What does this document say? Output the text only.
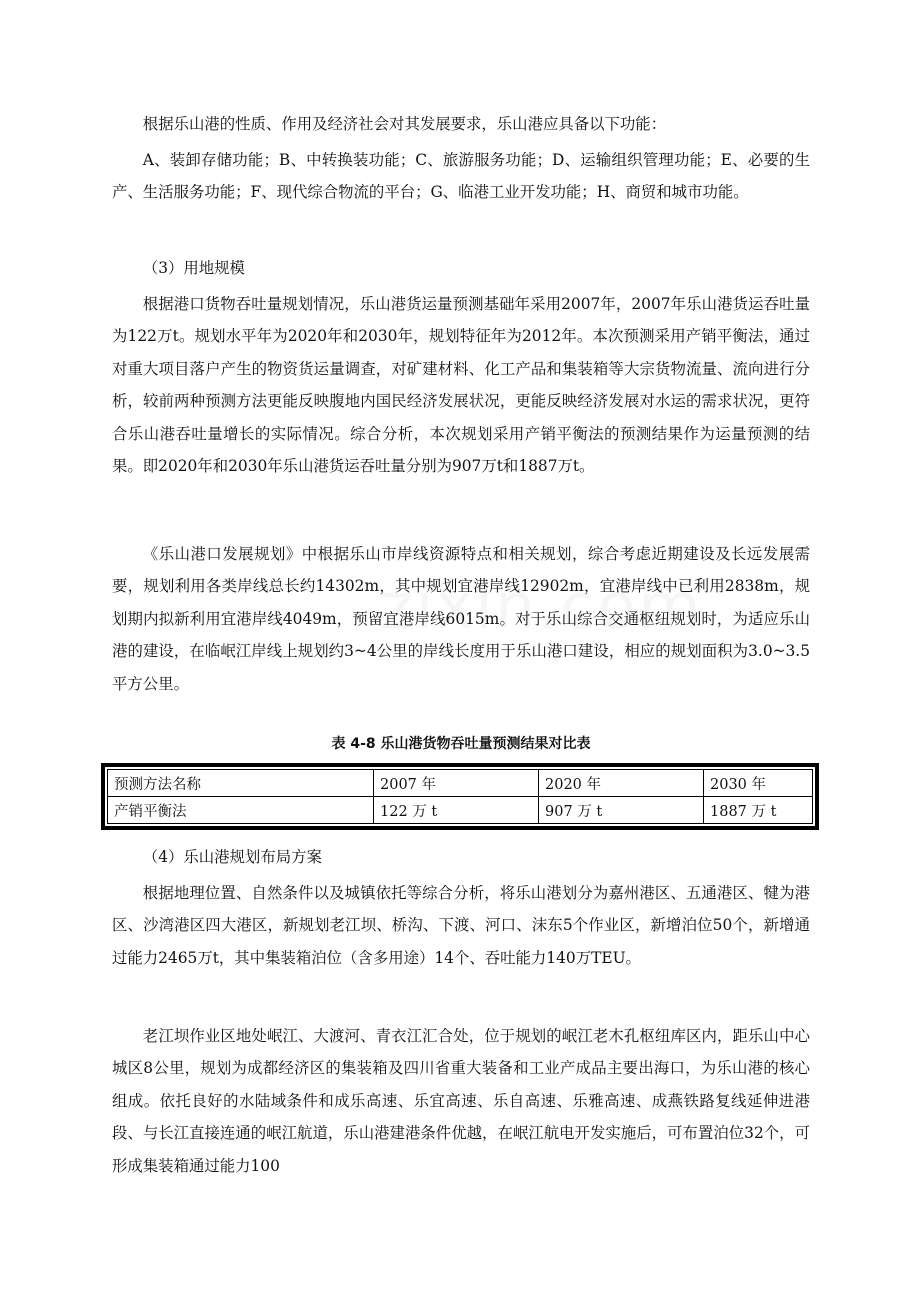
根据乐山港的性质、作用及经济社会对其发展要求，乐山港应具备以下功能：

A、装卸存储功能；B、中转换装功能；C、旅游服务功能；D、运输组织管理功能；E、必要的生产、生活服务功能；F、现代综合物流的平台；G、临港工业开发功能；H、商贸和城市功能。

（3）用地规模

根据港口货物吞吐量规划情况，乐山港货运量预测基础年采用2007年，2007年乐山港货运吞吐量为122万t。规划水平年为2020年和2030年，规划特征年为2012年。本次预测采用产销平衡法，通过对重大项目落户产生的物资货运量调查，对矿建材料、化工产品和集装箱等大宗货物流量、流向进行分析，较前两种预测方法更能反映腹地内国民经济发展状况，更能反映经济发展对水运的需求状况，更符合乐山港吞吐量增长的实际情况。综合分析，本次规划采用产销平衡法的预测结果作为运量预测的结果。即2020年和2030年乐山港货运吞吐量分别为907万t和1887万t。

《乐山港口发展规划》中根据乐山市岸线资源特点和相关规划，综合考虑近期建设及长远发展需要，规划利用各类岸线总长约14302m，其中规划宜港岸线12902m，宜港岸线中已利用2838m，规划期内拟新利用宜港岸线4049m，预留宜港岸线6015m。对于乐山综合交通枢纽规划时，为适应乐山港的建设，在临岷江岸线上规划约3~4公里的岸线长度用于乐山港口建设，相应的规划面积为3.0~3.5平方公里。

表 4-8 乐山港货物吞吐量预测结果对比表
预测方法名称	2007 年	2020 年	2030 年
产销平衡法	122 万 t	907 万 t	1887 万 t

（4）乐山港规划布局方案

根据地理位置、自然条件以及城镇依托等综合分析，将乐山港划分为嘉州港区、五通港区、犍为港区、沙湾港区四大港区，新规划老江坝、桥沟、下渡、河口、沫东5个作业区，新增泊位50个，新增通过能力2465万t，其中集装箱泊位（含多用途）14个、吞吐能力140万TEU。

老江坝作业区地处岷江、大渡河、青衣江汇合处，位于规划的岷江老木孔枢纽库区内，距乐山中心城区8公里，规划为成都经济区的集装箱及四川省重大装备和工业产成品主要出海口，为乐山港的核心组成。依托良好的水陆域条件和成乐高速、乐宜高速、乐自高速、乐雅高速、成燕铁路复线延伸进港段、与长江直接连通的岷江航道，乐山港建港条件优越，在岷江航电开发实施后，可布置泊位32个，可形成集装箱通过能力100
